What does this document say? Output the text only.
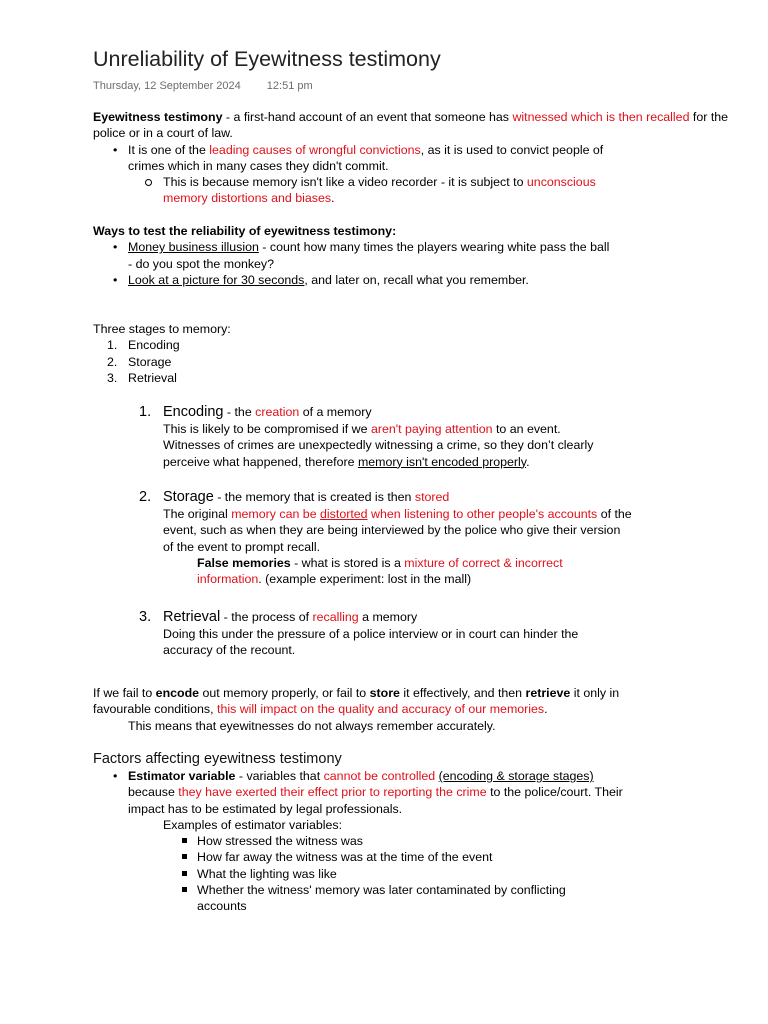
Unreliability of Eyewitness testimony
Thursday, 12 September 2024 12:51 pm
Eyewitness testimony - a first-hand account of an event that someone has witnessed which is then recalled for the police or in a court of law.
• It is one of the leading causes of wrongful convictions, as it is used to convict people of crimes which in many cases they didn't commit.
This is because memory isn't like a video recorder - it is subject to unconscious memory distortions and biases.
Ways to test the reliability of eyewitness testimony:
• Money business illusion - count how many times the players wearing white pass the ball - do you spot the monkey?
• Look at a picture for 30 seconds, and later on, recall what you remember.
Three stages to memory:
1. Encoding
2. Storage
3. Retrieval
1. Encoding - the creation of a memory
This is likely to be compromised if we aren't paying attention to an event.
Witnesses of crimes are unexpectedly witnessing a crime, so they don’t clearly perceive what happened, therefore memory isn't encoded properly.
2. Storage - the memory that is created is then stored
The original memory can be distorted when listening to other people's accounts of the event, such as when they are being interviewed by the police who give their version of the event to prompt recall.
False memories - what is stored is a mixture of correct & incorrect information. (example experiment: lost in the mall)
3. Retrieval - the process of recalling a memory
Doing this under the pressure of a police interview or in court can hinder the accuracy of the recount.
If we fail to encode out memory properly, or fail to store it effectively, and then retrieve it only in favourable conditions, this will impact on the quality and accuracy of our memories.
This means that eyewitnesses do not always remember accurately.
Factors affecting eyewitness testimony
• Estimator variable - variables that cannot be controlled (encoding & storage stages) because they have exerted their effect prior to reporting the crime to the police/court. Their impact has to be estimated by legal professionals.
Examples of estimator variables:
How stressed the witness was
How far away the witness was at the time of the event
What the lighting was like
Whether the witness' memory was later contaminated by conflicting accounts
